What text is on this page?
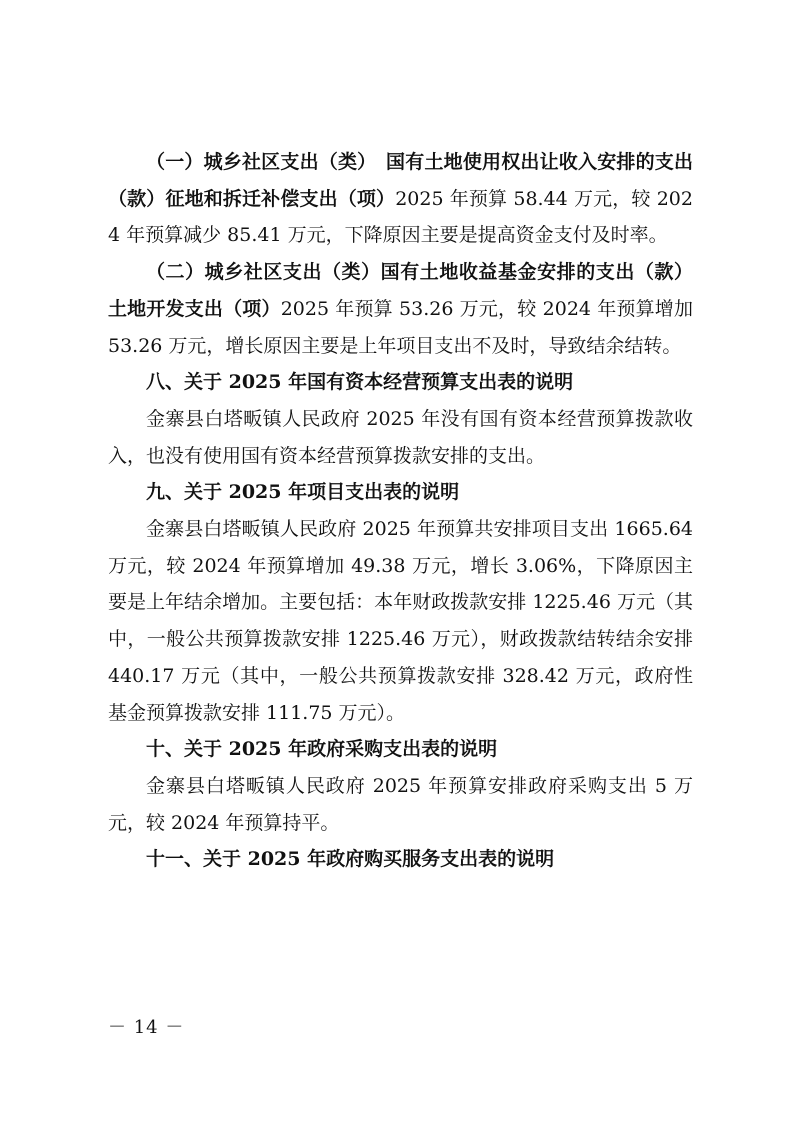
（一）城乡社区支出（类）　国有土地使用权出让收入安排的支出（款）征地和拆迁补偿支出（项）2025 年预算 58.44 万元，较 2024 年预算减少 85.41 万元，下降原因主要是提高资金支付及时率。

（二）城乡社区支出（类）国有土地收益基金安排的支出（款）土地开发支出（项）2025 年预算 53.26 万元，较 2024 年预算增加 53.26 万元，增长原因主要是上年项目支出不及时，导致结余结转。

八、关于 2025 年国有资本经营预算支出表的说明

金寨县白塔畈镇人民政府 2025 年没有国有资本经营预算拨款收入，也没有使用国有资本经营预算拨款安排的支出。

九、关于 2025 年项目支出表的说明

金寨县白塔畈镇人民政府 2025 年预算共安排项目支出 1665.64 万元，较 2024 年预算增加 49.38 万元，增长 3.06%，下降原因主要是上年结余增加。主要包括：本年财政拨款安排 1225.46 万元（其中，一般公共预算拨款安排 1225.46 万元），财政拨款结转结余安排 440.17 万元（其中，一般公共预算拨款安排 328.42 万元，政府性基金预算拨款安排 111.75 万元）。

十、关于 2025 年政府采购支出表的说明

金寨县白塔畈镇人民政府 2025 年预算安排政府采购支出 5 万元，较 2024 年预算持平。

十一、关于 2025 年政府购买服务支出表的说明

－ 14 －
